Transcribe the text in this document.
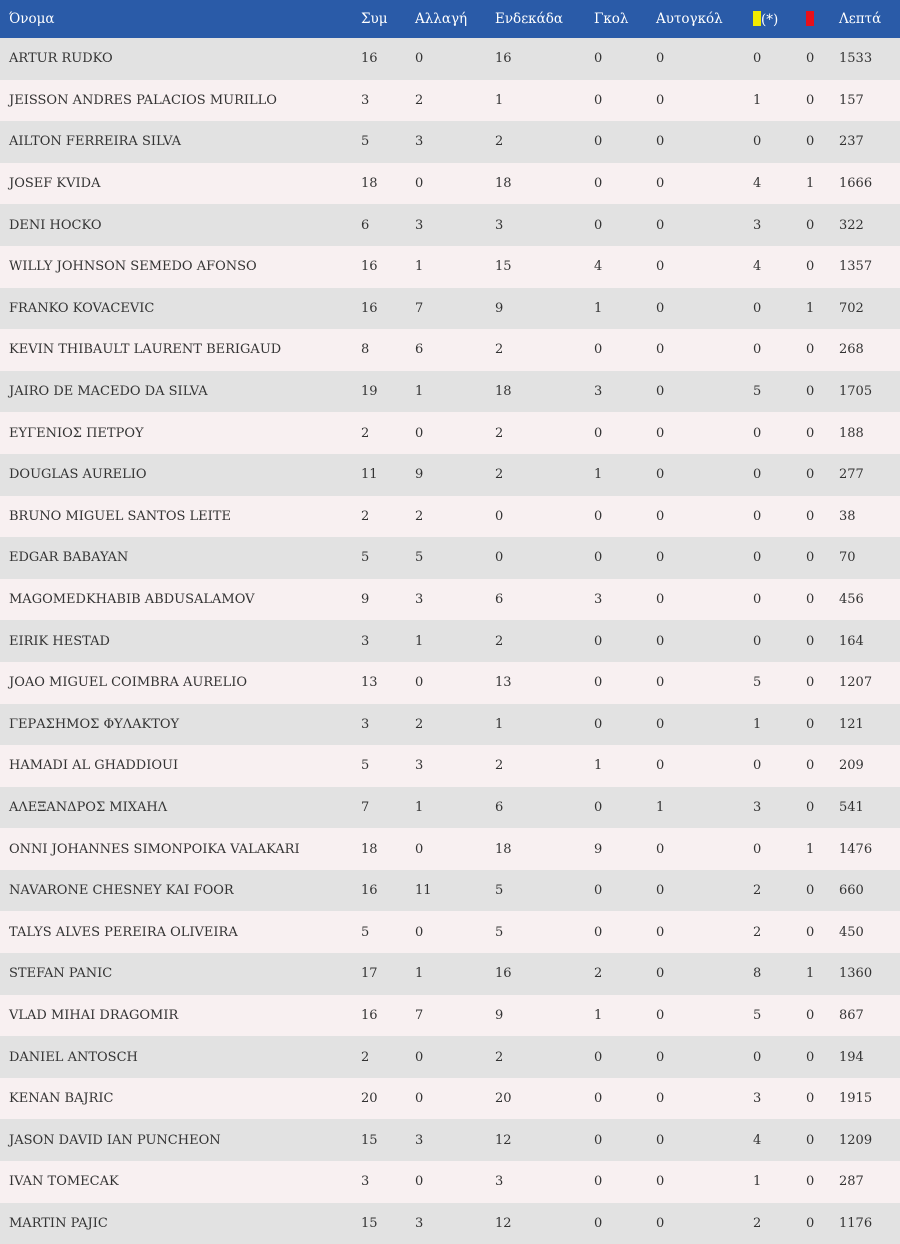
Όνομα	Συμ	Αλλαγή	Ενδεκάδα	Γκολ	Αυτογκόλ	(*)		Λεπτά
ARTUR RUDKO	16	0	16	0	0	0	0	1533
JEISSON ANDRES PALACIOS MURILLO	3	2	1	0	0	1	0	157
AILTON FERREIRA SILVA	5	3	2	0	0	0	0	237
JOSEF KVIDA	18	0	18	0	0	4	1	1666
DENI HOCKO	6	3	3	0	0	3	0	322
WILLY JOHNSON SEMEDO AFONSO	16	1	15	4	0	4	0	1357
FRANKO KOVACEVIC	16	7	9	1	0	0	1	702
KEVIN THIBAULT LAURENT BERIGAUD	8	6	2	0	0	0	0	268
JAIRO DE MACEDO DA SILVA	19	1	18	3	0	5	0	1705
ΕΥΓΕΝΙΟΣ ΠΕΤΡΟΥ	2	0	2	0	0	0	0	188
DOUGLAS AURELIO	11	9	2	1	0	0	0	277
BRUNO MIGUEL SANTOS LEITE	2	2	0	0	0	0	0	38
EDGAR BABAYAN	5	5	0	0	0	0	0	70
MAGOMEDKHABIB ABDUSALAMOV	9	3	6	3	0	0	0	456
EIRIK HESTAD	3	1	2	0	0	0	0	164
JOAO MIGUEL COIMBRA AURELIO	13	0	13	0	0	5	0	1207
ΓΕΡΑΣΗΜΟΣ ΦΥΛΑΚΤΟΥ	3	2	1	0	0	1	0	121
HAMADI AL GHADDIOUI	5	3	2	1	0	0	0	209
ΑΛΕΞΑΝΔΡΟΣ ΜΙΧΑΗΛ	7	1	6	0	1	3	0	541
ONNI JOHANNES SIMONPOIKA VALAKARI	18	0	18	9	0	0	1	1476
NAVARONE CHESNEY KAI FOOR	16	11	5	0	0	2	0	660
TALYS ALVES PEREIRA OLIVEIRA	5	0	5	0	0	2	0	450
STEFAN PANIC	17	1	16	2	0	8	1	1360
VLAD MIHAI DRAGOMIR	16	7	9	1	0	5	0	867
DANIEL ANTOSCH	2	0	2	0	0	0	0	194
KENAN BAJRIC	20	0	20	0	0	3	0	1915
JASON DAVID IAN PUNCHEON	15	3	12	0	0	4	0	1209
IVAN TOMECAK	3	0	3	0	0	1	0	287
MARTIN PAJIC	15	3	12	0	0	2	0	1176
